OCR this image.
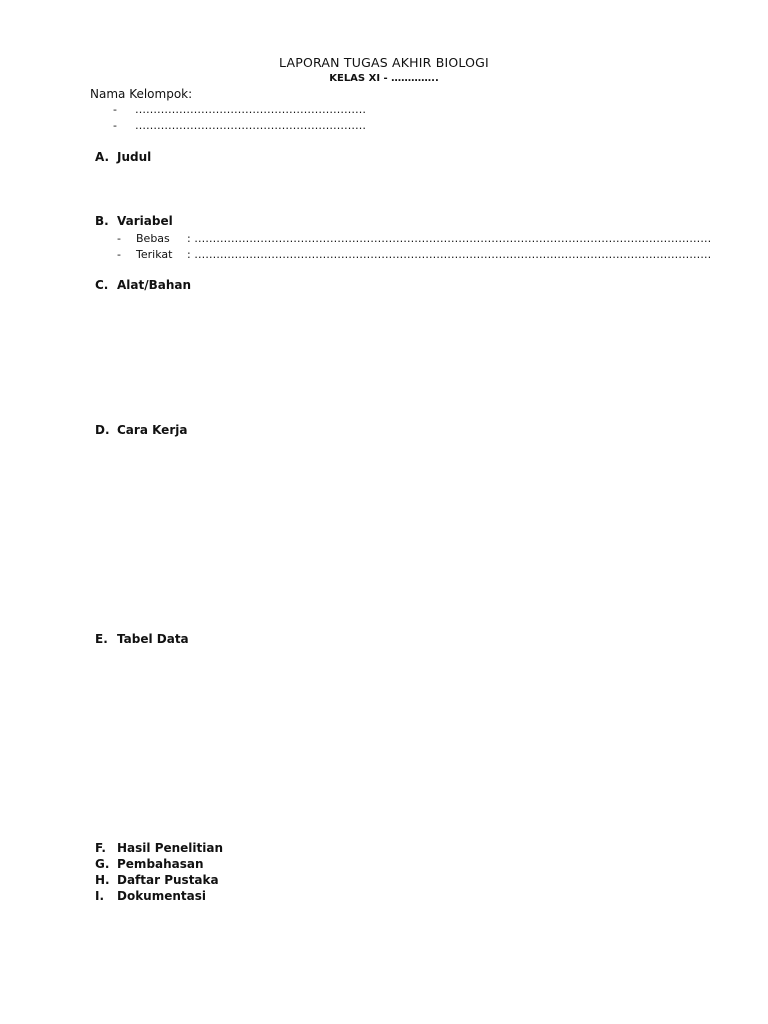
LAPORAN TUGAS AKHIR BIOLOGI
KELAS XI - …………..
Nama Kelompok:
- ………………………………………………………
- ………………………………………………………
A. Judul
B. Variabel
- Bebas : ……………………………………………………………………………………………………………………………
- Terikat : ……………………………………………………………………………………………………………………………
C. Alat/Bahan
D. Cara Kerja
E. Tabel Data
F. Hasil Penelitian
G. Pembahasan
H. Daftar Pustaka
I. Dokumentasi
